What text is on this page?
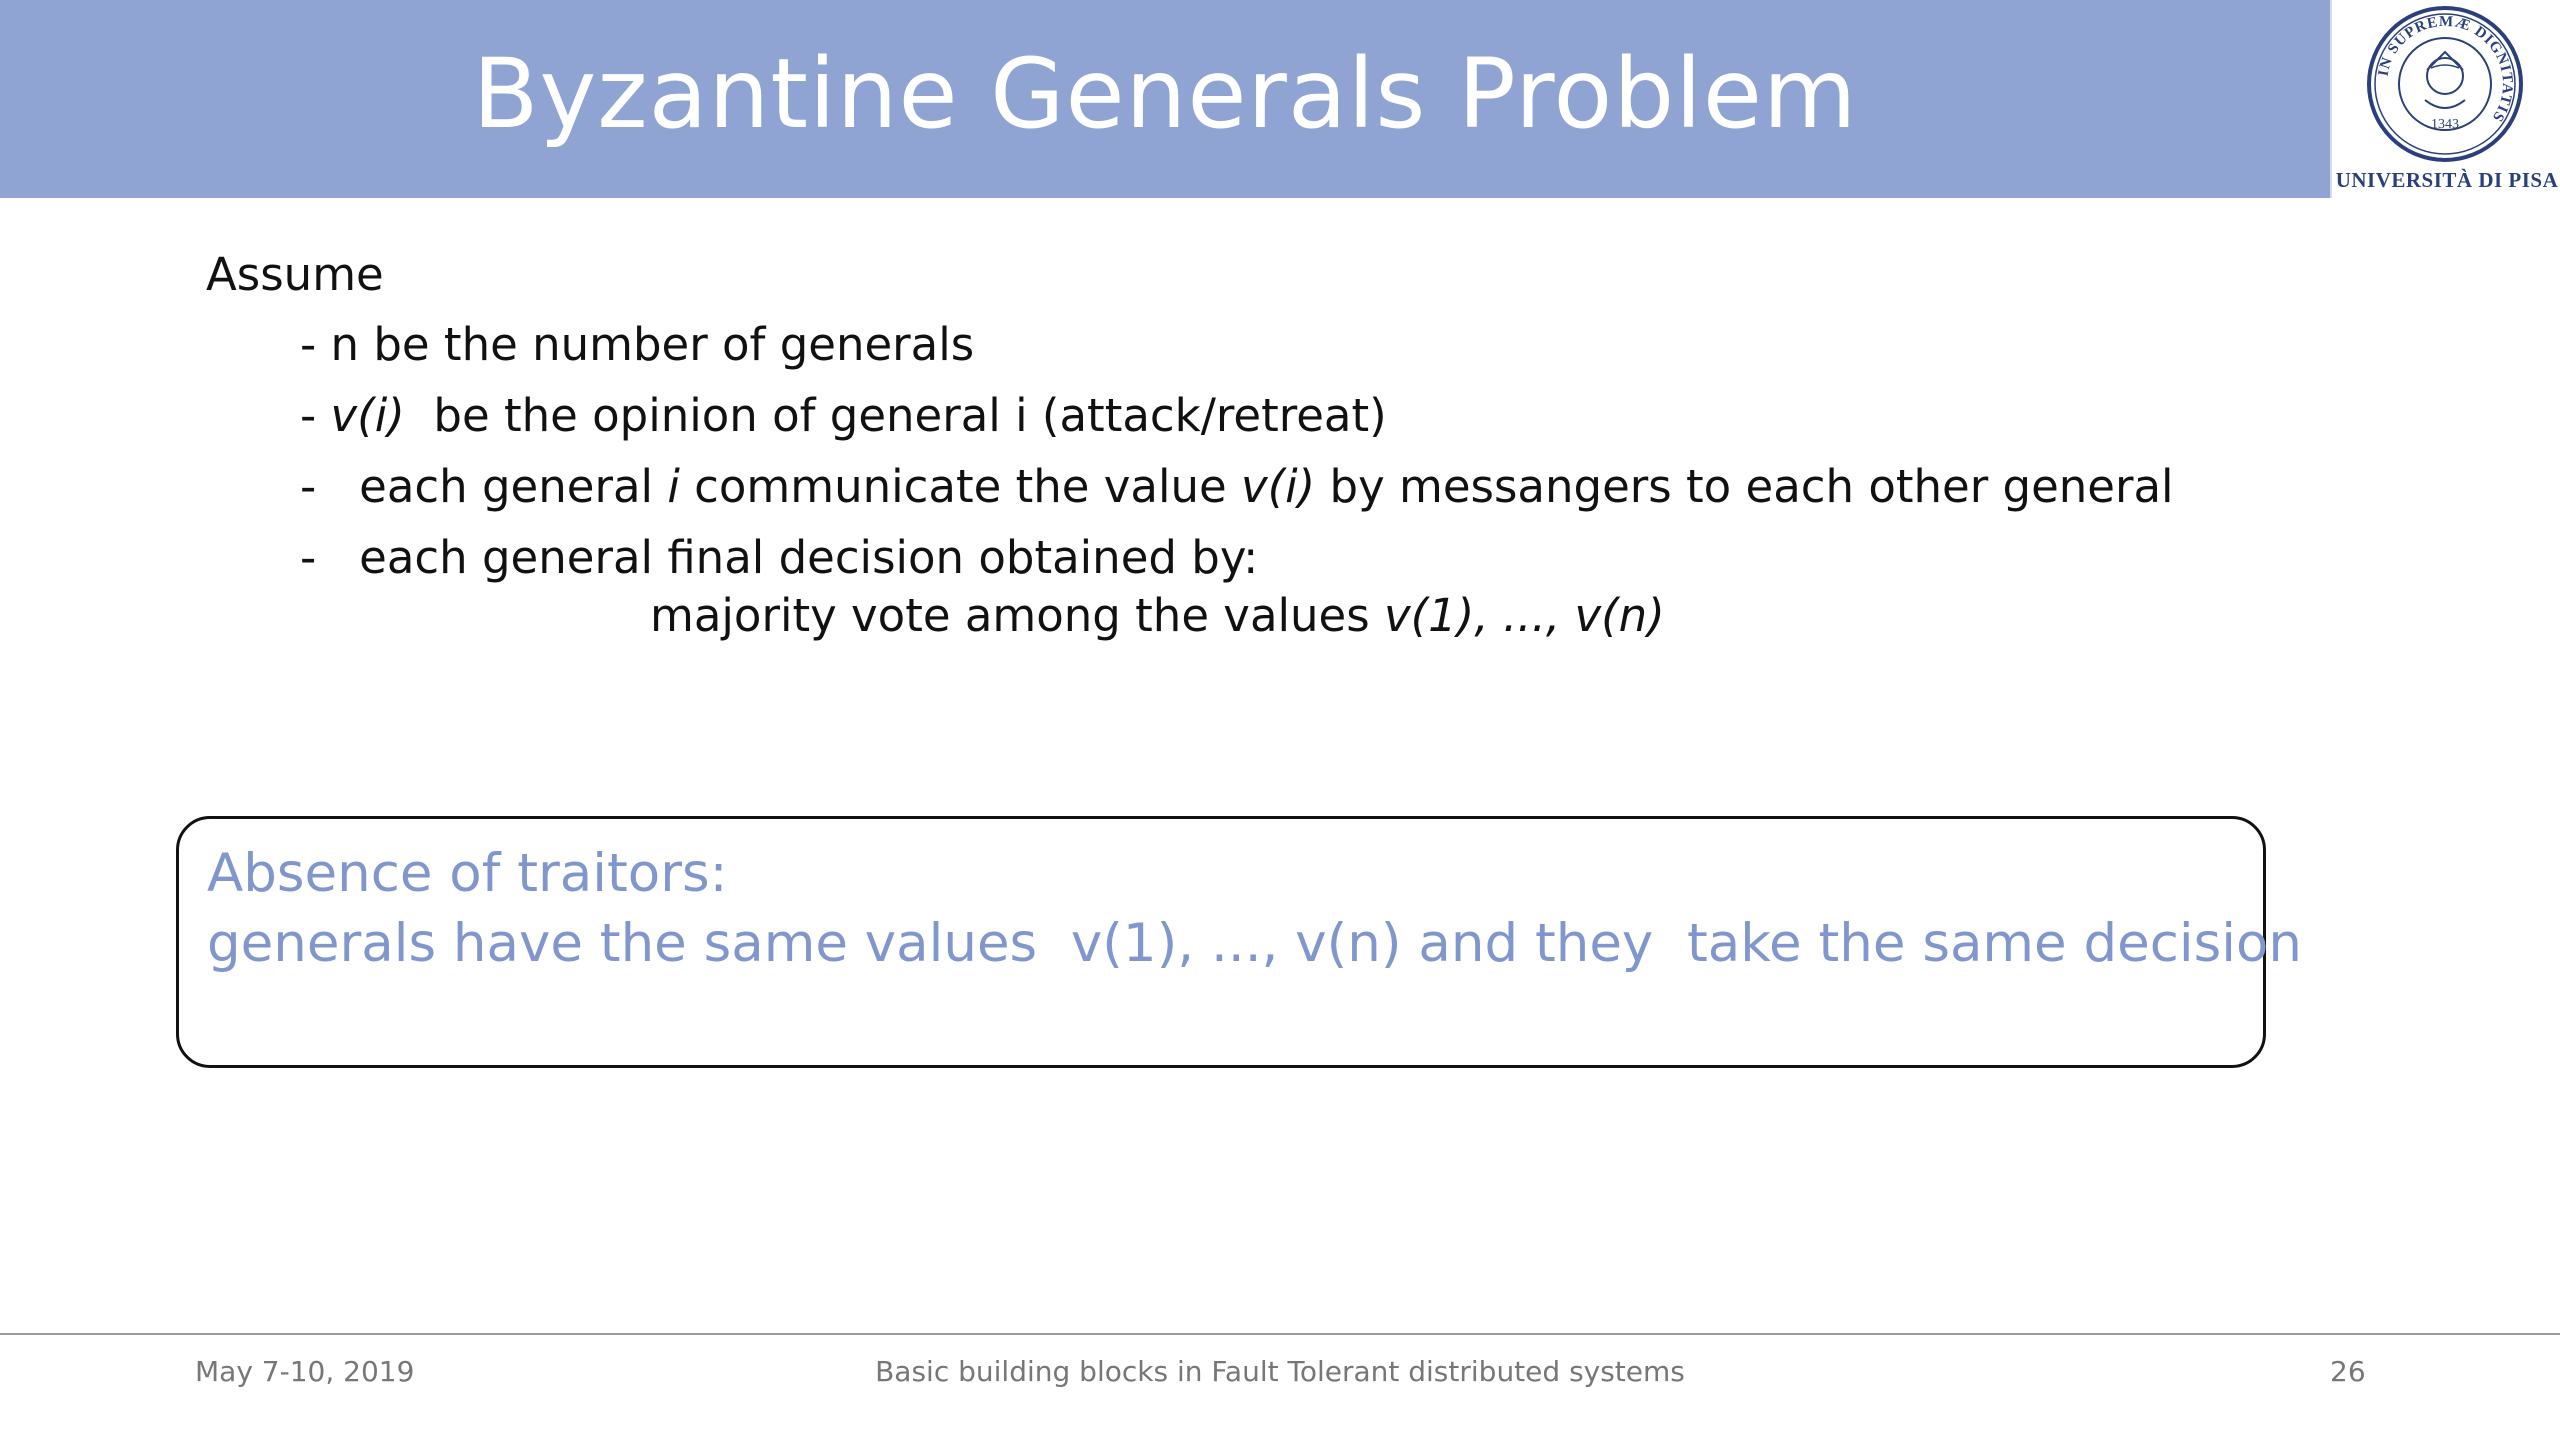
Byzantine Generals Problem	IN SUPREMÆ DIGNITATIS
1343
UNIVERSITÀ DI PISA
Assume
- n be the number of generals
- v(i)  be the opinion of general i (attack/retreat)
-   each general i communicate the value v(i) by messangers to each other general
-   each general final decision obtained by:
majority vote among the values v(1), ..., v(n)
Absence of traitors:
generals have the same values  v(1), ..., v(n) and they  take the same decision
May 7-10, 2019	Basic building blocks in Fault Tolerant distributed systems	26
